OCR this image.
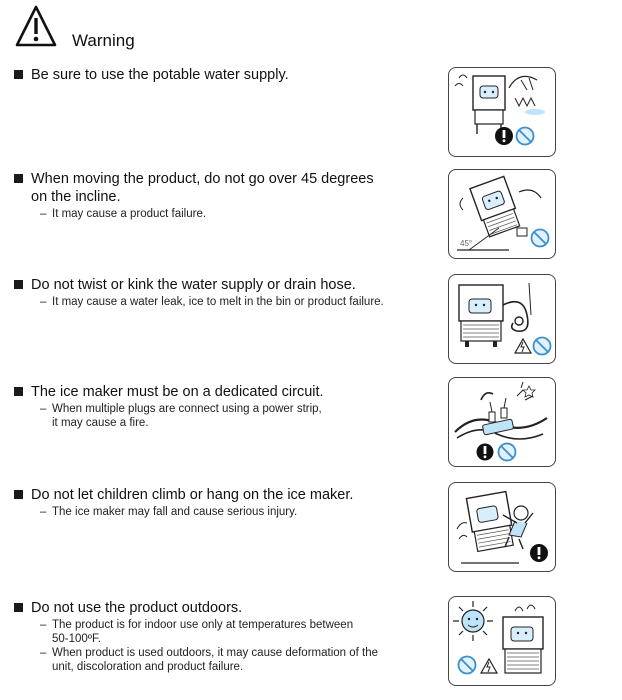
Warning
Be sure to use the potable water supply.
When moving the product, do not go over 45 degrees
on the incline.
– It may cause a product failure.
45°
Do not twist or kink the water supply or drain hose.
– It may cause a water leak, ice to melt in the bin or product failure.
The ice maker must be on a dedicated circuit.
– When multiple plugs are connect using a power strip,
it may cause a fire.
Do not let children climb or hang on the ice maker.
– The ice maker may fall and cause serious injury.
Do not use the product outdoors.
– The product is for indoor use only at temperatures between
50-100ºF.
– When product is used outdoors, it may cause deformation of the
unit, discoloration and product failure.
